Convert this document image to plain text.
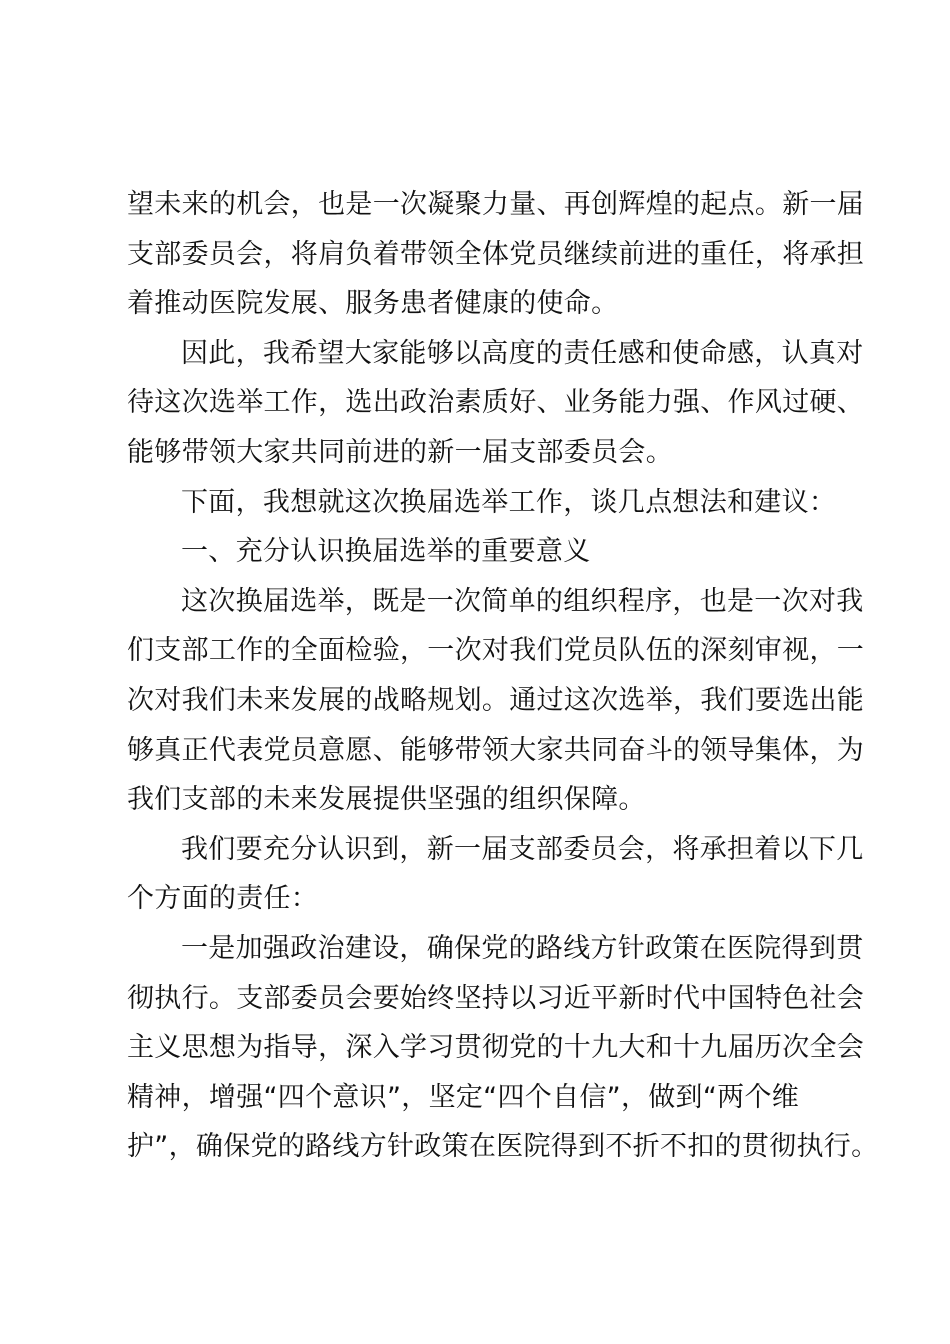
望未来的机会，也是一次凝聚力量、再创辉煌的起点。新一届
支部委员会，将肩负着带领全体党员继续前进的重任，将承担
着推动医院发展、服务患者健康的使命。
因此，我希望大家能够以高度的责任感和使命感，认真对
待这次选举工作，选出政治素质好、业务能力强、作风过硬、
能够带领大家共同前进的新一届支部委员会。
下面，我想就这次换届选举工作，谈几点想法和建议：
一、充分认识换届选举的重要意义
这次换届选举，既是一次简单的组织程序，也是一次对我
们支部工作的全面检验，一次对我们党员队伍的深刻审视，一
次对我们未来发展的战略规划。通过这次选举，我们要选出能
够真正代表党员意愿、能够带领大家共同奋斗的领导集体，为
我们支部的未来发展提供坚强的组织保障。
我们要充分认识到，新一届支部委员会，将承担着以下几
个方面的责任：
一是加强政治建设，确保党的路线方针政策在医院得到贯
彻执行。支部委员会要始终坚持以习近平新时代中国特色社会
主义思想为指导，深入学习贯彻党的十九大和十九届历次全会
精神，增强“四个意识”，坚定“四个自信”，做到“两个维
护”，确保党的路线方针政策在医院得到不折不扣的贯彻执行。
